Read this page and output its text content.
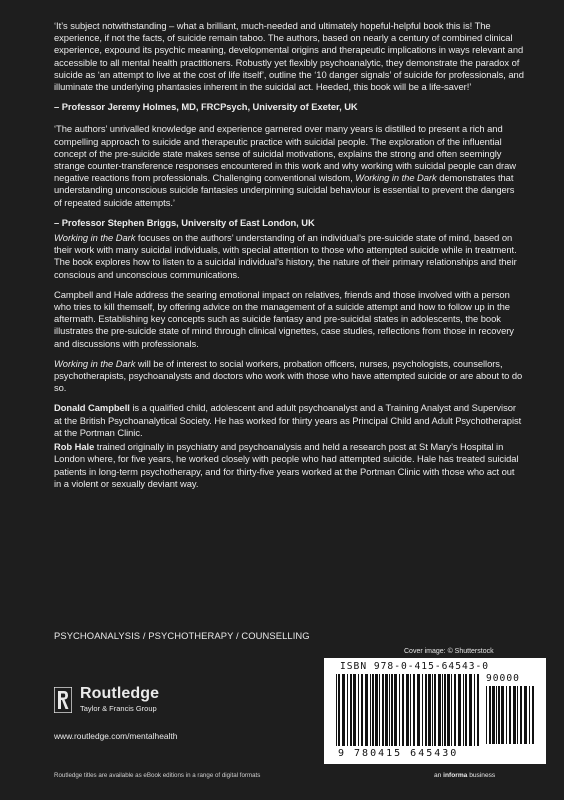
‘It’s subject notwithstanding – what a brilliant, much-needed and ultimately hopeful-helpful book this is! The experience, if not the facts, of suicide remain taboo. The authors, based on nearly a century of combined clinical experience, expound its psychic meaning, developmental origins and therapeutic implications in ways relevant and accessible to all mental health practitioners. Robustly yet flexibly psychoanalytic, they demonstrate the paradox of suicide as ‘an attempt to live at the cost of life itself’, outline the ‘10 danger signals’ of suicide for professionals, and illuminate the underlying phantasies inherent in the suicidal act. Heeded, this book will be a life-saver!’

– Professor Jeremy Holmes, MD, FRCPsych, University of Exeter, UK

‘The authors’ unrivalled knowledge and experience garnered over many years is distilled to present a rich and compelling approach to suicide and therapeutic practice with suicidal people. The exploration of the influential concept of the pre-suicide state makes sense of suicidal motivations, explains the strong and often seemingly strange counter-transference responses encountered in this work and why working with suicidal people can draw negative reactions from professionals. Challenging conventional wisdom, Working in the Dark demonstrates that understanding unconscious suicide fantasies underpinning suicidal behaviour is essential to prevent the dangers of repeated suicide attempts.’

– Professor Stephen Briggs, University of East London, UK

Working in the Dark focuses on the authors’ understanding of an individual’s pre-suicide state of mind, based on their work with many suicidal individuals, with special attention to those who attempted suicide while in treatment. The book explores how to listen to a suicidal individual’s history, the nature of their primary relationships and their conscious and unconscious communications.

Campbell and Hale address the searing emotional impact on relatives, friends and those involved with a person who tries to kill themself, by offering advice on the management of a suicide attempt and how to follow up in the aftermath. Establishing key concepts such as suicide fantasy and pre-suicidal states in adolescents, the book illustrates the pre-suicide state of mind through clinical vignettes, case studies, reflections from those in recovery and discussions with professionals.

Working in the Dark will be of interest to social workers, probation officers, nurses, psychologists, counsellors, psychotherapists, psychoanalysts and doctors who work with those who have attempted suicide or are about to do so.

Donald Campbell is a qualified child, adolescent and adult psychoanalyst and a Training Analyst and Supervisor at the British Psychoanalytical Society. He has worked for thirty years as Principal Child and Adult Psychotherapist at the Portman Clinic.

Rob Hale trained originally in psychiatry and psychoanalysis and held a research post at St Mary’s Hospital in London where, for five years, he worked closely with people who had attempted suicide. Hale has treated suicidal patients in long-term psychotherapy, and for thirty-five years worked at the Portman Clinic with those who act out in a violent or sexually deviant way.

PSYCHOANALYSIS / PSYCHOTHERAPY / COUNSELLING
Cover image: © Shutterstock
ISBN 978-0-415-64543-0
90000
9 780415 645430
Routledge
Taylor & Francis Group
www.routledge.com/mentalhealth
Routledge titles are available as eBook editions in a range of digital formats	an informa business
